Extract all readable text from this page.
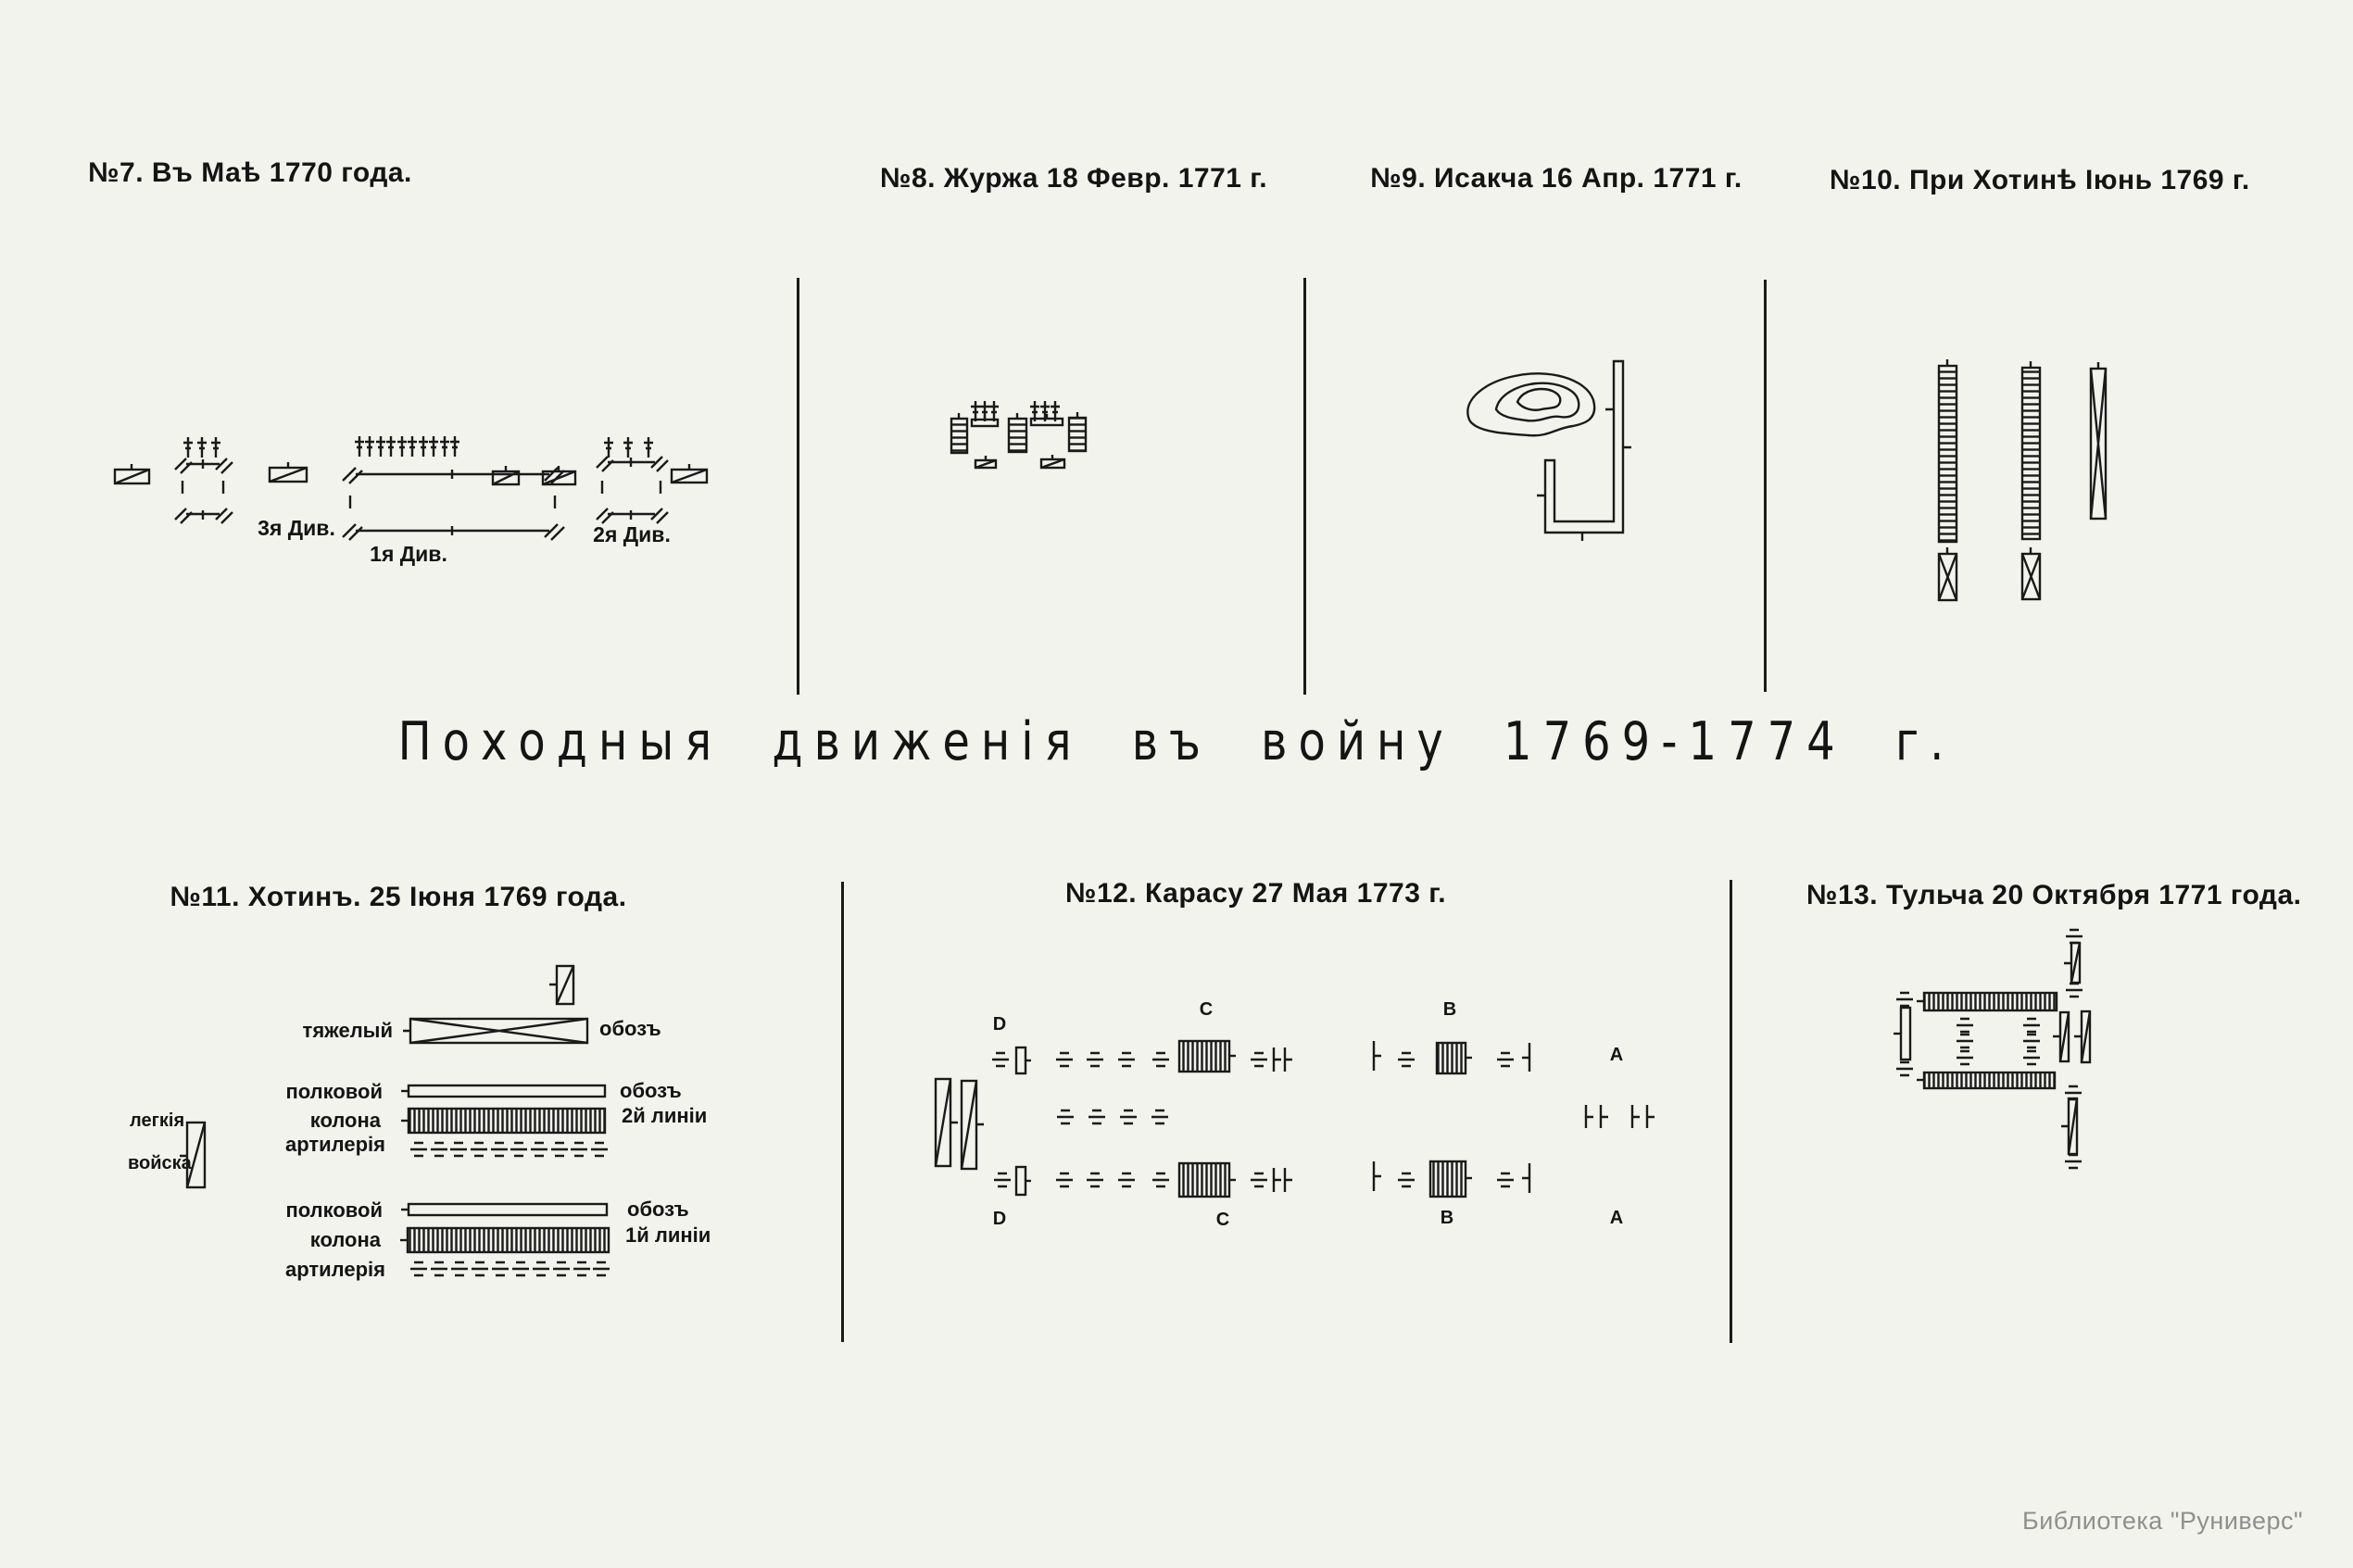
№7. Въ Маѣ 1770 года.	№8. Журжа 18 Февр. 1771 г.	№9. Исакча 16 Апр. 1771 г.	№10. При Хотинѣ Іюнь 1769 г.
№11. Хотинъ. 25 Іюня 1769 года.	№12. Карасу 27 Мая 1773 г.	№13. Тульча 20 Октября 1771 года.
Походныя движенія въ войну 1769-1774 г.
3я Див.
1я Див.
2я Див.
легкія
войска
тяжелый	обозъ
полковой	обозъ
колона	2й линіи
артилерія
полковой	обозъ
колона	1й линіи
артилерія
D
C	B
A
D	C	B	A
Библиотека "Руниверс"
